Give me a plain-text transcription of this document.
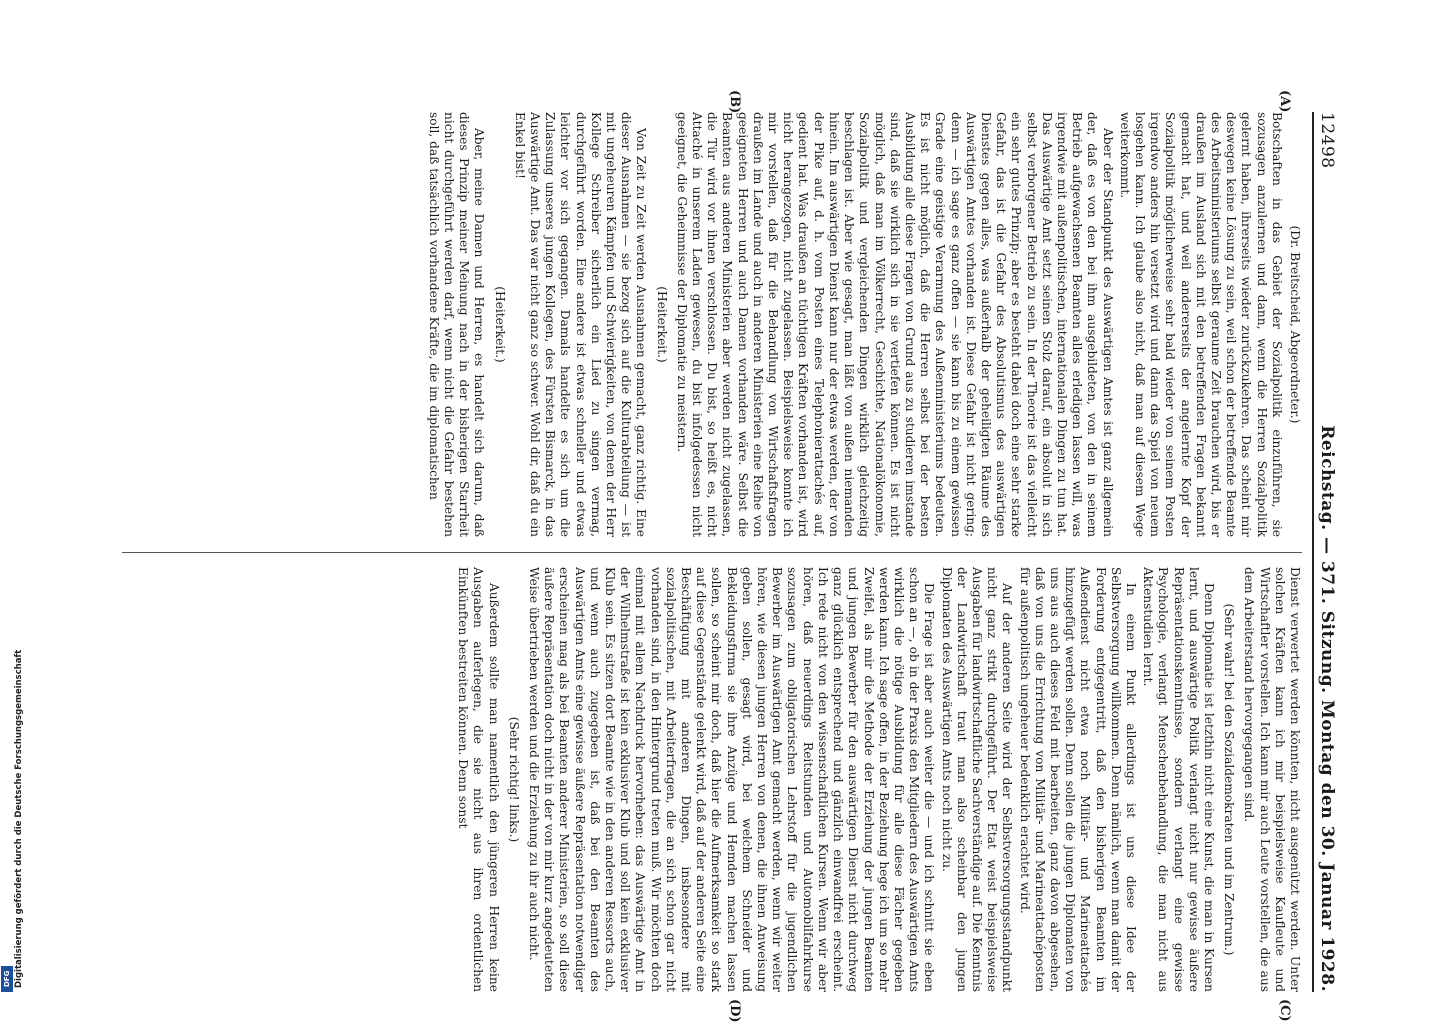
Digitalisierung gefördert durch die Deutsche Forschungsgemeinschaft
DFG
12498
Reichstag. — 371. Sitzung. Montag den 30. Januar 1928.
(A)
(B)
(C)
(D)

(Dr. Breitscheid, Abgeordneter.)

Botschaften in das Gebiet der Sozialpolitik einzuführen, sie sozusagen anzulernen und dann, wenn die Herren Sozialpolitik gelernt haben, ihrerseits wieder zurückzukehren. Das scheint mir deswegen keine Lösung zu sein, weil schon der betreffende Beamte des Arbeitsministeriums selbst geraume Zeit brauchen wird, bis er draußen im Ausland sich mit den betreffenden Fragen bekannt gemacht hat, und weil andererseits der angelernte Kopf der Sozialpolitik möglicherweise sehr bald wieder von seinem Posten irgendwo anders hin versetzt wird und dann das Spiel von neuem losgehen kann. Ich glaube also nicht, daß man auf diesem Wege weiterkommt.

Aber der Standpunkt des Auswärtigen Amtes ist ganz allgemein der, daß es von den bei ihm ausgebildeten, von den in seinem Betrieb aufgewachsenen Beamten alles erledigen lassen will, was irgendwie mit außenpolitischen, internationalen Dingen zu tun hat. Das Auswärtige Amt setzt seinen Stolz darauf, ein absolut in sich selbst verborgener Betrieb zu sein. In der Theorie ist das vielleicht ein sehr gutes Prinzip; aber es besteht dabei doch eine sehr starke Gefahr, das ist die Gefahr des Absolutismus des auswärtigen Dienstes gegen alles, was außerhalb der geheiligten Räume des Auswärtigen Amtes vorhanden ist. Diese Gefahr ist nicht gering; denn — ich sage es ganz offen — sie kann bis zu einem gewissen Grade eine geistige Verarmung des Außenministeriums bedeuten. Es ist nicht möglich, daß die Herren selbst bei der besten Ausbildung alle diese Fragen von Grund aus zu studieren imstande sind, daß sie wirklich sich in sie vertiefen können. Es ist nicht möglich, daß man im Völkerrecht, Geschichte, Nationalökonomie, Sozialpolitik und vergleichenden Dingen wirklich gleichzeitig beschlagen ist. Aber wie gesagt, man läßt von außen niemanden hinein. Im auswärtigen Dienst kann nur der etwas werden, der von der Pike auf, d. h. vom Posten eines Telephonierattachés auf, gedient hat. Was draußen an tüchtigen Kräften vorhanden ist, wird nicht herangezogen, nicht zugelassen. Beispielsweise konnte ich mir vorstellen, daß für die Behandlung von Wirtschaftsfragen draußen im Lande und auch in anderen Ministerien eine Reihe von geeigneten Herren und auch Damen vorhanden wäre. Selbst die Beamten aus anderen Ministerien aber werden nicht zugelassen, die Tür wird vor ihnen verschlossen. Du bist, so heißt es, nicht Attaché in unserem Laden gewesen, du bist infolgedessen nicht geeignet, die Geheimnisse der Diplomatie zu meistern.

(Heiterkeit.)

Von Zeit zu Zeit werden Ausnahmen gemacht, ganz richtig. Eine dieser Ausnahmen — sie bezog sich auf die Kulturabteilung — ist mit ungeheuren Kämpfen und Schwierigkeiten, von denen der Herr Kollege Schreiber sicherlich ein Lied zu singen vermag, durchgeführt worden. Eine andere ist etwas schneller und etwas leichter vor sich gegangen. Damals handelte es sich um die Zulassung unseres jungen Kollegen, des Fürsten Bismarck, in das Auswärtige Amt. Das war nicht ganz so schwer. Wohl dir, daß du ein Enkel bist!

(Heiterkeit.)

Aber, meine Damen und Herren, es handelt sich darum, daß dieses Prinzip meiner Meinung nach in der bisherigen Starrheit nicht durchgeführt werden darf, wenn nicht die Gefahr bestehen soll, daß tatsächlich vorhandene Kräfte, die im diplomatischen

Dienst verwertet werden könnten, nicht ausgenützt werden. Unter solchen Kräften kann ich mir beispielsweise Kaufleute und Wirtschaftler vorstellen. Ich kann mir auch Leute vorstellen, die aus dem Arbeiterstand hervorgegangen sind.

(Sehr wahr! bei den Sozialdemokraten und im Zentrum.)

Denn Diplomatie ist letzthin nicht eine Kunst, die man in Kursen lernt, und auswärtige Politik verlangt nicht nur gewisse äußere Repräsentationskenntnisse, sondern verlangt eine gewisse Psychologie, verlangt Menschenbehandlung, die man nicht aus Aktenstudien lernt.

In einem Punkt allerdings ist uns diese Idee der Selbstversorgung willkommen. Denn nämlich, wenn man damit der Forderung entgegentritt, daß den bisherigen Beamten im Außendienst nicht etwa noch Militär- und Marineattachés hinzugefügt werden sollen. Denn sollen die jungen Diplomaten von uns aus auch dieses Feld mit bearbeiten, ganz davon abgesehen, daß von uns die Errichtung von Militär- und Marineattachéposten für außenpolitisch ungeheuer bedenklich erachtet wird.

Auf der anderen Seite wird der Selbstversorgungsstandpunkt nicht ganz strikt durchgeführt. Der Etat weist beispielsweise Ausgaben für landwirtschaftliche Sachverständige auf. Die Kenntnis der Landwirtschaft traut man also scheinbar den jungen Diplomaten des Auswärtigen Amts noch nicht zu.

Die Frage ist aber auch weiter die — und ich schnitt sie eben schon an —, ob in der Praxis den Mitgliedern des Auswärtigen Amts wirklich die nötige Ausbildung für alle diese Fächer gegeben werden kann. Ich sage offen, in der Beziehung hege ich um so mehr Zweifel, als mir die Methode der Erziehung der jungen Beamten und jungen Bewerber für den auswärtigen Dienst nicht durchweg ganz glücklich entsprechend und gänzlich einwandfrei erscheint. Ich rede nicht von den wissenschaftlichen Kursen. Wenn wir aber hören, daß neuerdings Reitstunden und Automobilfahrkurse sozusagen zum obligatorischen Lehrstoff für die jugendlichen Bewerber im Auswärtigen Amt gemacht werden, wenn wir weiter hören, wie diesen jungen Herren von denen, die ihnen Anweisung geben sollen, gesagt wird, bei welchem Schneider und Bekleidungsfirma sie ihre Anzüge und Hemden machen lassen sollen, so scheint mir doch, daß hier die Aufmerksamkeit so stark auf diese Gegenstände gelenkt wird, daß auf der anderen Seite eine Beschäftigung mit anderen Dingen, insbesondere mit sozialpolitischen, mit Arbeiterfragen, die an sich schon gar nicht vorhanden sind, in den Hintergrund treten muß. Wir möchten doch einmal mit allem Nachdruck hervorheben: das Auswärtige Amt in der Wilhelmstraße ist kein exklusiver Klub und soll kein exklusiver Klub sein. Es sitzen dort Beamte wie in den anderen Ressorts auch, und wenn auch zugegeben ist, daß bei den Beamten des Auswärtigen Amts eine gewisse äußere Repräsentation notwendiger erscheinen mag als bei Beamten anderer Ministerien, so soll diese äußere Repräsentation doch nicht in der von mir kurz angedeuteten Weise übertrieben werden und die Erziehung zu ihr auch nicht.

(Sehr richtig! links.)

Außerdem sollte man namentlich den jüngeren Herren keine Ausgaben auferlegen, die sie nicht aus ihren ordentlichen Einkünften bestreiten können. Denn sonst
